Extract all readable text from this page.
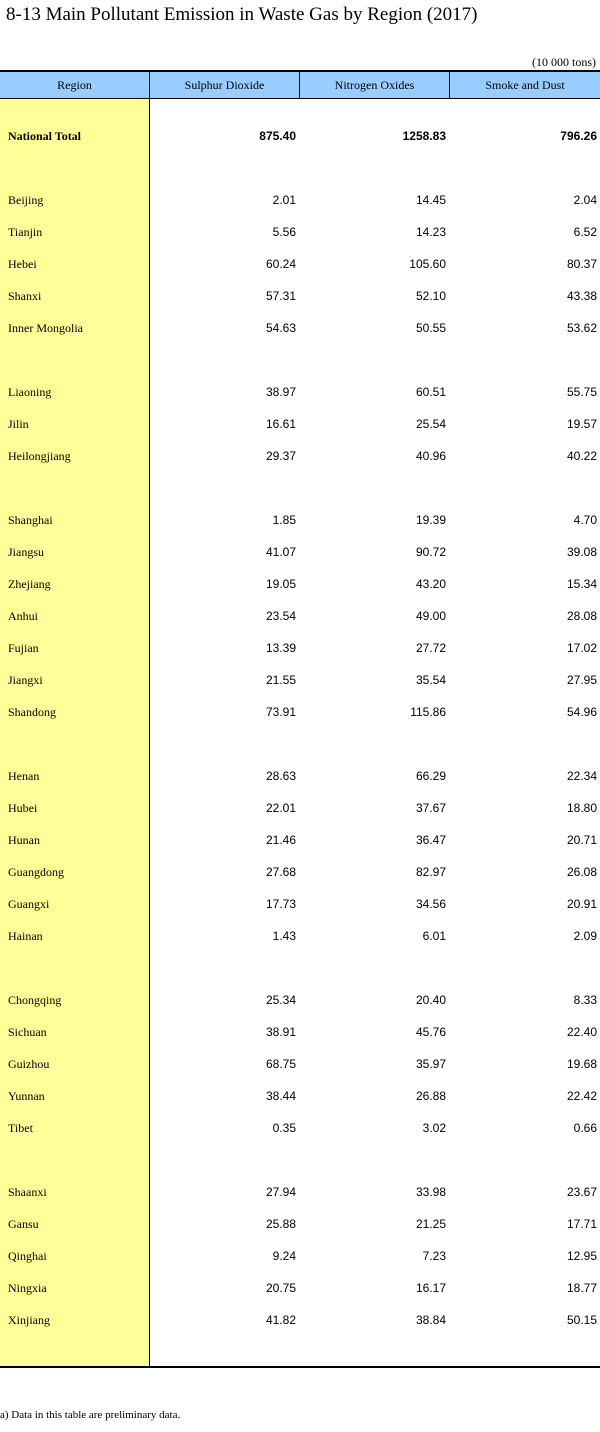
8-13 Main Pollutant Emission in Waste Gas by Region (2017)
(10 000 tons)
Region	Sulphur Dioxide	Nitrogen Oxides	Smoke and Dust
National Total	875.40	1258.83	796.26
Beijing	2.01	14.45	2.04
Tianjin	5.56	14.23	6.52
Hebei	60.24	105.60	80.37
Shanxi	57.31	52.10	43.38
Inner Mongolia	54.63	50.55	53.62
Liaoning	38.97	60.51	55.75
Jilin	16.61	25.54	19.57
Heilongjiang	29.37	40.96	40.22
Shanghai	1.85	19.39	4.70
Jiangsu	41.07	90.72	39.08
Zhejiang	19.05	43.20	15.34
Anhui	23.54	49.00	28.08
Fujian	13.39	27.72	17.02
Jiangxi	21.55	35.54	27.95
Shandong	73.91	115.86	54.96
Henan	28.63	66.29	22.34
Hubei	22.01	37.67	18.80
Hunan	21.46	36.47	20.71
Guangdong	27.68	82.97	26.08
Guangxi	17.73	34.56	20.91
Hainan	1.43	6.01	2.09
Chongqing	25.34	20.40	8.33
Sichuan	38.91	45.76	22.40
Guizhou	68.75	35.97	19.68
Yunnan	38.44	26.88	22.42
Tibet	0.35	3.02	0.66
Shaanxi	27.94	33.98	23.67
Gansu	25.88	21.25	17.71
Qinghai	9.24	7.23	12.95
Ningxia	20.75	16.17	18.77
Xinjiang	41.82	38.84	50.15
a) Data in this table are preliminary data.
